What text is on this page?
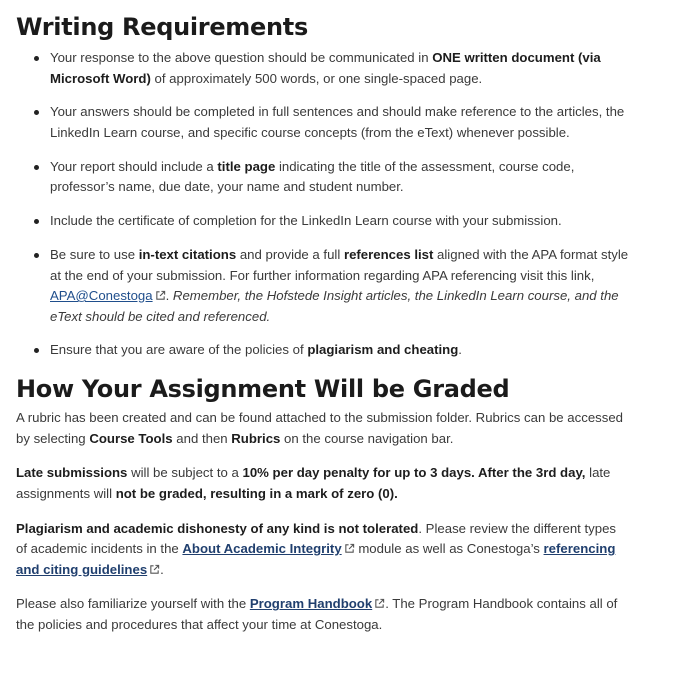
Writing Requirements
Your response to the above question should be communicated in ONE written document (via Microsoft Word) of approximately 500 words, or one single-spaced page.
Your answers should be completed in full sentences and should make reference to the articles, the LinkedIn Learn course, and specific course concepts (from the eText) whenever possible.
Your report should include a title page indicating the title of the assessment, course code, professor’s name, due date, your name and student number.
Include the certificate of completion for the LinkedIn Learn course with your submission.
Be sure to use in-text citations and provide a full references list aligned with the APA format style at the end of your submission. For further information regarding APA referencing visit this link, APA@Conestoga . Remember, the Hofstede Insight articles, the LinkedIn Learn course, and the eText should be cited and referenced.
Ensure that you are aware of the policies of plagiarism and cheating.
How Your Assignment Will be Graded

A rubric has been created and can be found attached to the submission folder. Rubrics can be accessed by selecting Course Tools and then Rubrics on the course navigation bar.

Late submissions will be subject to a 10% per day penalty for up to 3 days. After the 3rd day, late assignments will not be graded, resulting in a mark of zero (0).

Plagiarism and academic dishonesty of any kind is not tolerated. Please review the different types of academic incidents in the About Academic Integrity module as well as Conestoga’s referencing and citing guidelines .

Please also familiarize yourself with the Program Handbook . The Program Handbook contains all of the policies and procedures that affect your time at Conestoga.
